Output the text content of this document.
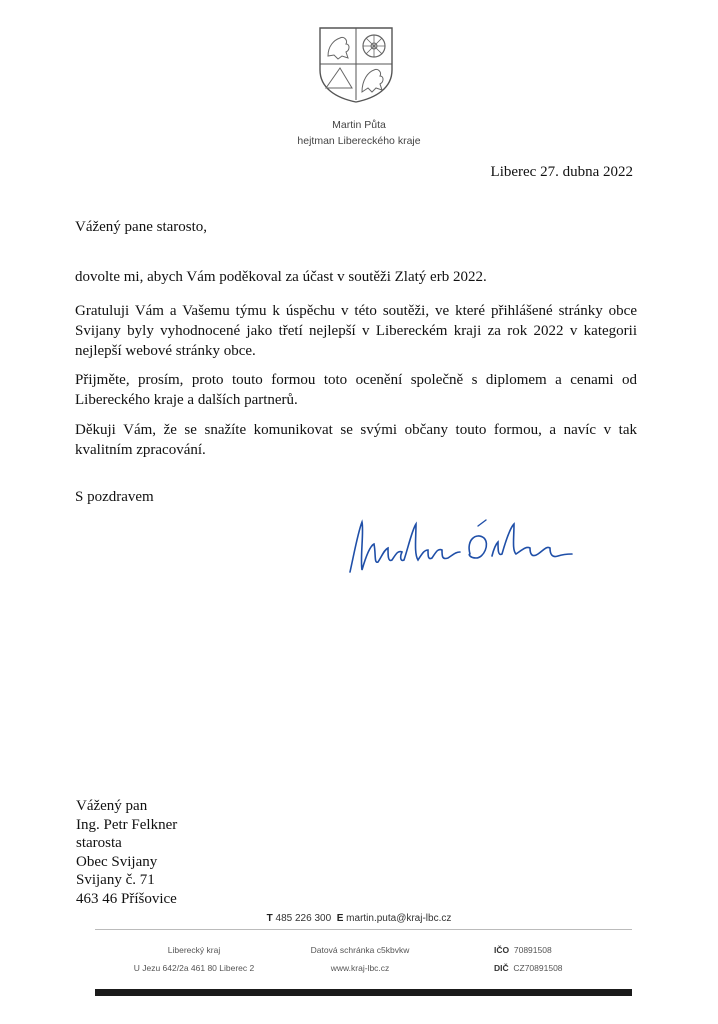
Martin Půta
hejtman Libereckého kraje
Liberec 27. dubna 2022
Vážený pane starosto,

dovolte mi, abych Vám poděkoval za účast v soutěži Zlatý erb 2022.

Gratuluji Vám a Vašemu týmu k úspěchu v této soutěži, ve které přihlášené stránky obce Svijany byly vyhodnocené jako třetí nejlepší v Libereckém kraji za rok 2022 v kategorii nejlepší webové stránky obce.

Přijměte, prosím, proto touto formou toto ocenění společně s diplomem a cenami od Libereckého kraje a dalších partnerů.

Děkuji Vám, že se snažíte komunikovat se svými občany touto formou, a navíc v tak kvalitním zpracování.

S pozdravem
Vážený pan
Ing. Petr Felkner
starosta
Obec Svijany
Svijany č. 71
463 46 Příšovice
T 485 226 300 E martin.puta@kraj-lbc.cz
Liberecký kraj
U Jezu 642/2a 461 80 Liberec 2
Datová schránka c5kbvkw
www.kraj-lbc.cz
IČO 70891508
DIČ CZ70891508
